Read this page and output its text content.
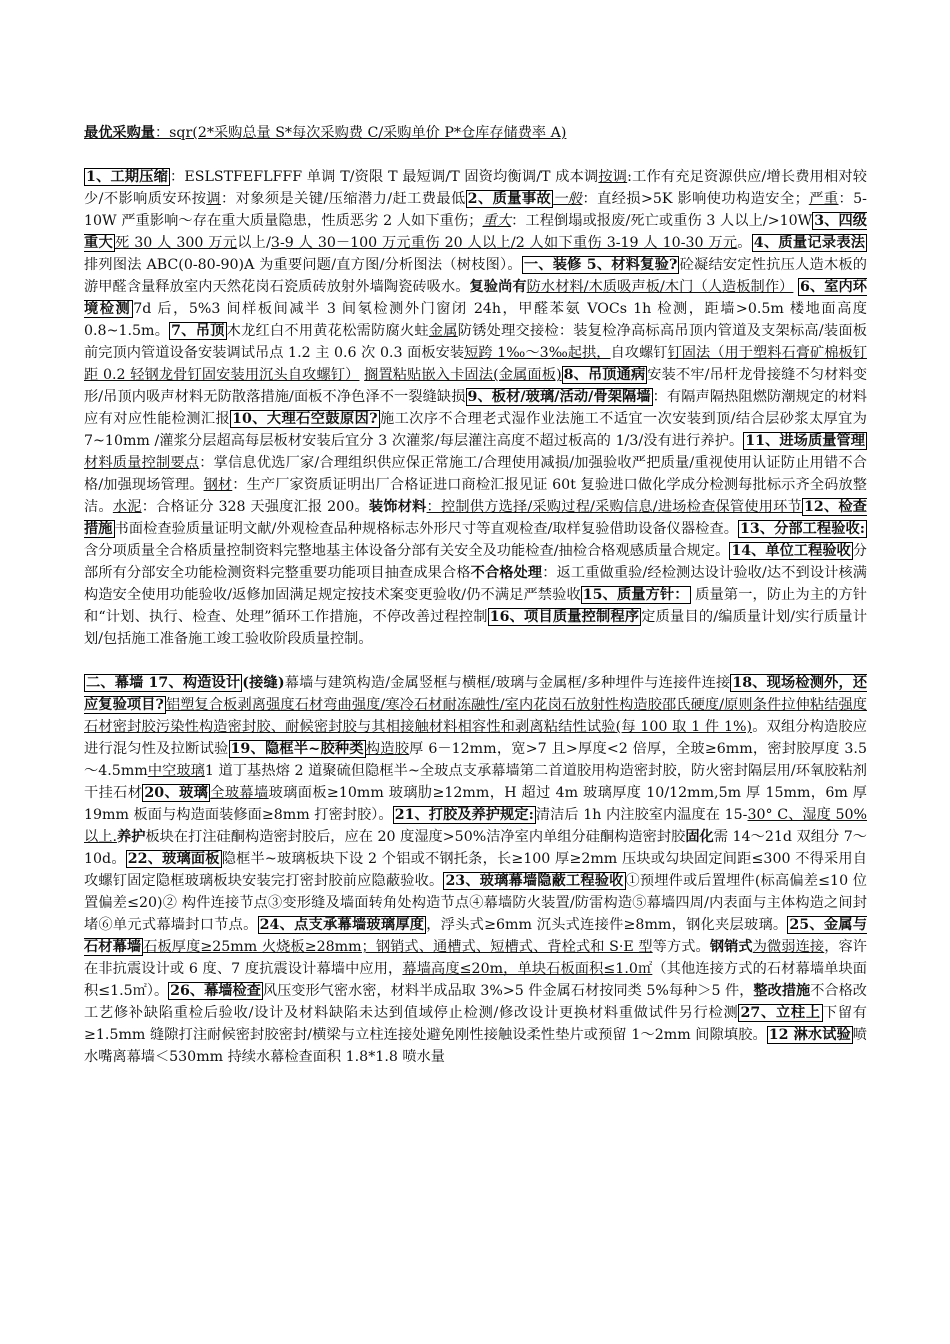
最优采购量：sqr(2*采购总量 S*每次采购费 C/采购单价 P*仓库存储费率 A)

1、工期压缩 ：ESLSTFEFLFFF 单调 T/资限 T 最短调/T 固资均衡调/T 成本调按调:工作有充足资源供应/增长费用相对较少/不影响质安环按调：对象须是关键/压缩潜力/赶工费最低 2、质量事故 一般：直经损>5K 影响使功构造安全；严重：5-10W 严重影响～存在重大质量隐患，性质恶劣 2 人如下重伤；重大：工程倒塌或报废/死亡或重伤 3 人以上/>10W 3、四级重大 死 30 人 300 万元以上/3-9 人 30－100 万元重伤 20 人以上/2 人如下重伤 3-19 人 10-30 万元。 4、质量记录表法排列图法 ABC(0-80-90)A 为重要问题/直方图/分析图法（树枝图）。 一、装修 5、材料复验? 砼凝结安定性抗压人造木板的游甲醛含量释放室内天然花岗石瓷质砖放射外墙陶瓷砖吸水。复验尚有防水材料/木质吸声板/木门（人造板制作） 6、室内环境检测 7d 后，5%3 间样板间减半 3 间氡检测外门窗闭 24h，甲醛苯氨 VOCs 1h 检测，距墙>0.5m 楼地面高度 0.8~1.5m。 7、吊顶 木龙红白不用黄花松需防腐火蛀金属防锈处理交接检：装复检净高标高吊顶内管道及支架标高/装面板前完顶内管道设备安装调试吊点 1.2 主 0.6 次 0.3 面板安装短跨 1‰～3‰起拱，自攻螺钉钉固法（用于塑料石膏矿棉板钉距 0.2 轻钢龙骨钉固安装用沉头自攻螺钉） 搁置粘贴嵌入卡固法(金属面板) 8、吊顶通病 安装不牢/吊杆龙骨接缝不匀材料变形/吊顶内吸声材料无防散落措施/面板不净色泽不一裂缝缺损 9、板材/玻璃/活动/骨架隔墙 ：有隔声隔热阻燃防潮规定的材料应有对应性能检测汇报 10、大理石空鼓原因? 施工次序不合理老式湿作业法施工不适宜一次安装到顶/结合层砂浆太厚宜为 7~10mm /灌浆分层超高每层板材安装后宜分 3 次灌浆/每层灌注高度不超过板高的 1/3/没有进行养护。 11、进场质量管理材料质量控制要点：掌信息优选厂家/合理组织供应保正常施工/合理使用减损/加强验收严把质量/重视使用认证防止用错不合格/加强现场管理。钢材：生产厂家资质证明出厂合格证进口商检汇报见证 60t 复验进口做化学成分检测每批标示齐全码放整洁。水泥：合格证分 328 天强度汇报 200。装饰材料：控制供方选择/采购过程/采购信息/进场检查保管使用环节 12、检查措施 书面检查验质量证明文献/外观检查品种规格标志外形尺寸等直观检查/取样复验借助设备仪器检查。 13、分部工程验收:含分项质量全合格质量控制资料完整地基主体设备分部有关安全及功能检查/抽检合格观感质量合规定。 14、单位工程验收 分部所有分部安全功能检测资料完整重要功能项目抽查成果合格不合格处理：返工重做重验/经检测达设计验收/达不到设计核满构造安全使用功能验收/返修加固满足规定按技术案变更验收/仍不满足严禁验收 15、质量方针： 质量第一，防止为主的方针和“计划、执行、检查、处理”循环工作措施，不停改善过程控制 16、项目质量控制程序 定质量目的/编质量计划/实行质量计划/包括施工准备施工竣工验收阶段质量控制。

二、幕墙 17、构造设计 (接缝)幕墙与建筑构造/金属竖框与横框/玻璃与金属框/多种埋件与连接件连接 18、现场检测外，还应复验项目? 铝塑复合板剥离强度石材弯曲强度/寒冷石材耐冻融性/室内花岗石放射性构造胶邵氏硬度/原则条件拉伸粘结强度石材密封胶污染性构造密封胶、耐候密封胶与其相接触材料相容性和剥离粘结性试验(每 100 取 1 件 1%)。双组分构造胶应进行混匀性及拉断试验 19、隐框半~胶种类 构造胶厚 6－12mm，宽>7 且>厚度<2 倍厚，全玻≥6mm，密封胶厚度 3.5～4.5mm中空玻璃1 道丁基热熔 2 道聚硫但隐框半~全玻点支承幕墙第二首道胶用构造密封胶，防火密封隔层用/环氧胶粘剂干挂石材 20、玻璃 全玻幕墙玻璃面板≥10mm 玻璃肋≥12mm，H 超过 4m 玻璃厚度 10/12mm,5m 厚 15mm，6m 厚 19mm 板面与构造面装修面≥8mm 打密封胶）。 21、打胶及养护规定: 清洁后 1h 内注胶室内温度在 15-30° C、湿度 50%以上.养护板块在打注硅酮构造密封胶后，应在 20 度湿度>50%洁净室内单组分硅酮构造密封胶固化需 14～21d 双组分 7～10d。 22、玻璃面板 隐框半~玻璃板块下设 2 个铝或不钢托条，长≥100 厚≥2mm 压块或勾块固定间距≤300 不得采用自攻螺钉固定隐框玻璃板块安装完打密封胶前应隐蔽验收。 23、玻璃幕墙隐蔽工程验收 ①预埋件或后置埋件(标高偏差≤10 位置偏差≤20)② 构件连接节点③变形缝及墙面转角处构造节点④幕墙防火装置/防雷构造⑤幕墙四周/内表面与主体构造之间封堵⑥单元式幕墙封口节点。 24、点支承幕墙玻璃厚度 ，浮头式≥6mm 沉头式连接件≥8mm，钢化夹层玻璃。 25、金属与石材幕墙 石板厚度≥25mm 火烧板≥28mm；钢销式、通槽式、短槽式、背栓式和 S·E 型等方式。钢销式为微弱连接，容许在非抗震设计或 6 度、7 度抗震设计幕墙中应用，幕墙高度≤20m，单块石板面积≤1.0㎡（其他连接方式的石材幕墙单块面积≤1.5㎡）。 26、幕墙检查 风压变形气密水密，材料半成品取 3%>5 件金属石材按同类 5%每种＞5 件，整改措施不合格改工艺修补缺陷重检后验收/设计及材料缺陷未达到值域停止检测/修改设计更换材料重做试件另行检测 27、立柱上 下留有≥1.5mm 缝隙打注耐候密封胶密封/横梁与立柱连接处避免刚性接触设柔性垫片或预留 1～2mm 间隙填胶。 12 淋水试验 喷水嘴离幕墙＜530mm 持续水幕检查面积 1.8*1.8 喷水量
